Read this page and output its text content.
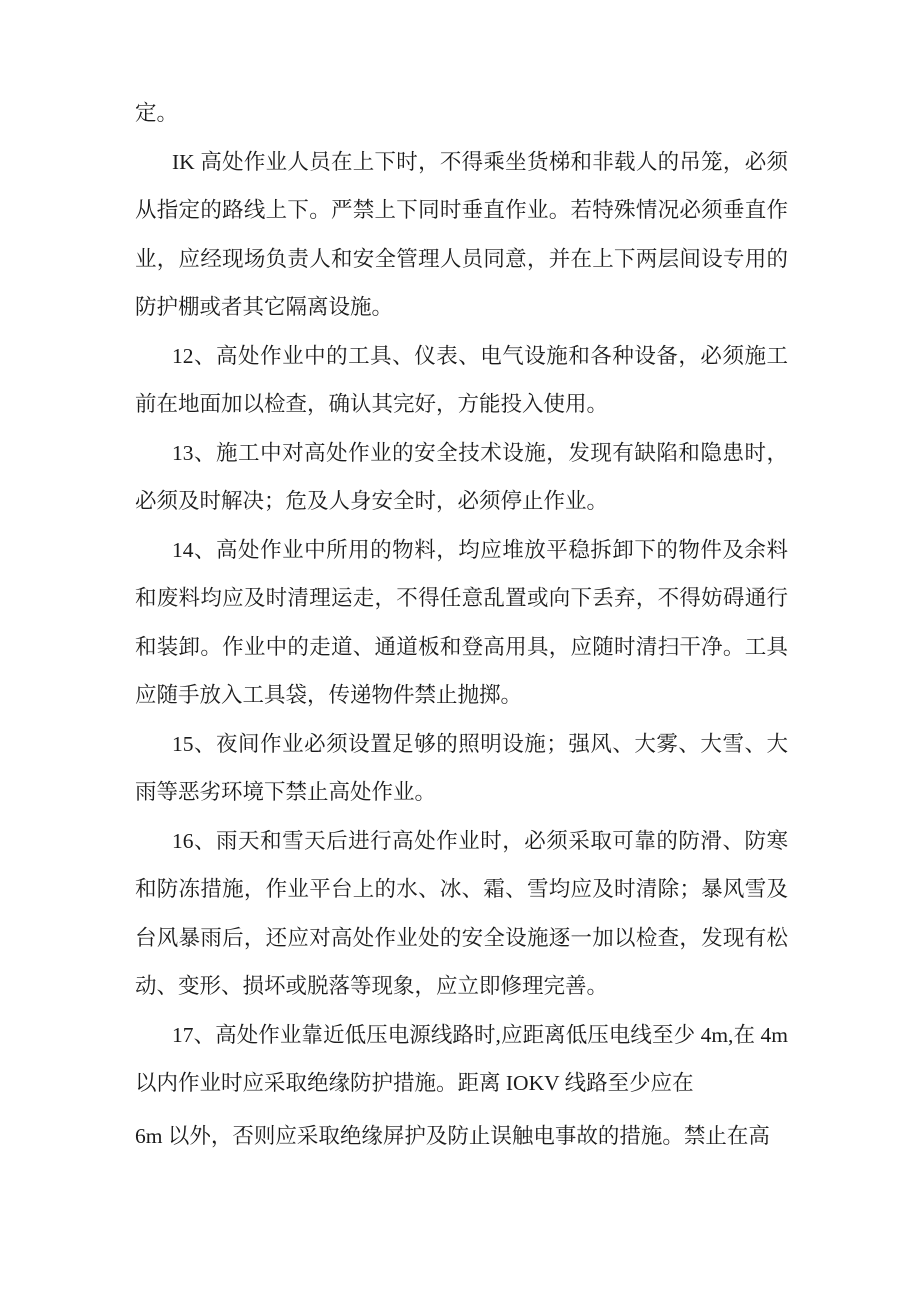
定。
IK 高处作业人员在上下时，不得乘坐货梯和非载人的吊笼，必须
从指定的路线上下。严禁上下同时垂直作业。若特殊情况必须垂直作
业，应经现场负责人和安全管理人员同意，并在上下两层间设专用的
防护棚或者其它隔离设施。
12、高处作业中的工具、仪表、电气设施和各种设备，必须施工
前在地面加以检查，确认其完好，方能投入使用。
13、施工中对高处作业的安全技术设施，发现有缺陷和隐患时，
必须及时解决；危及人身安全时，必须停止作业。
14、高处作业中所用的物料，均应堆放平稳拆卸下的物件及余料
和废料均应及时清理运走，不得任意乱置或向下丢弃，不得妨碍通行
和装卸。作业中的走道、通道板和登高用具，应随时清扫干净。工具
应随手放入工具袋，传递物件禁止抛掷。
15、夜间作业必须设置足够的照明设施；强风、大雾、大雪、大
雨等恶劣环境下禁止高处作业。
16、雨天和雪天后进行高处作业时，必须采取可靠的防滑、防寒
和防冻措施，作业平台上的水、冰、霜、雪均应及时清除；暴风雪及
台风暴雨后，还应对高处作业处的安全设施逐一加以检查，发现有松
动、变形、损坏或脱落等现象，应立即修理完善。
17、高处作业靠近低压电源线路时,应距离低压电线至少 4m,在 4m
以内作业时应采取绝缘防护措施。距离 IOKV 线路至少应在
6m 以外，否则应采取绝缘屏护及防止误触电事故的措施。禁止在高
